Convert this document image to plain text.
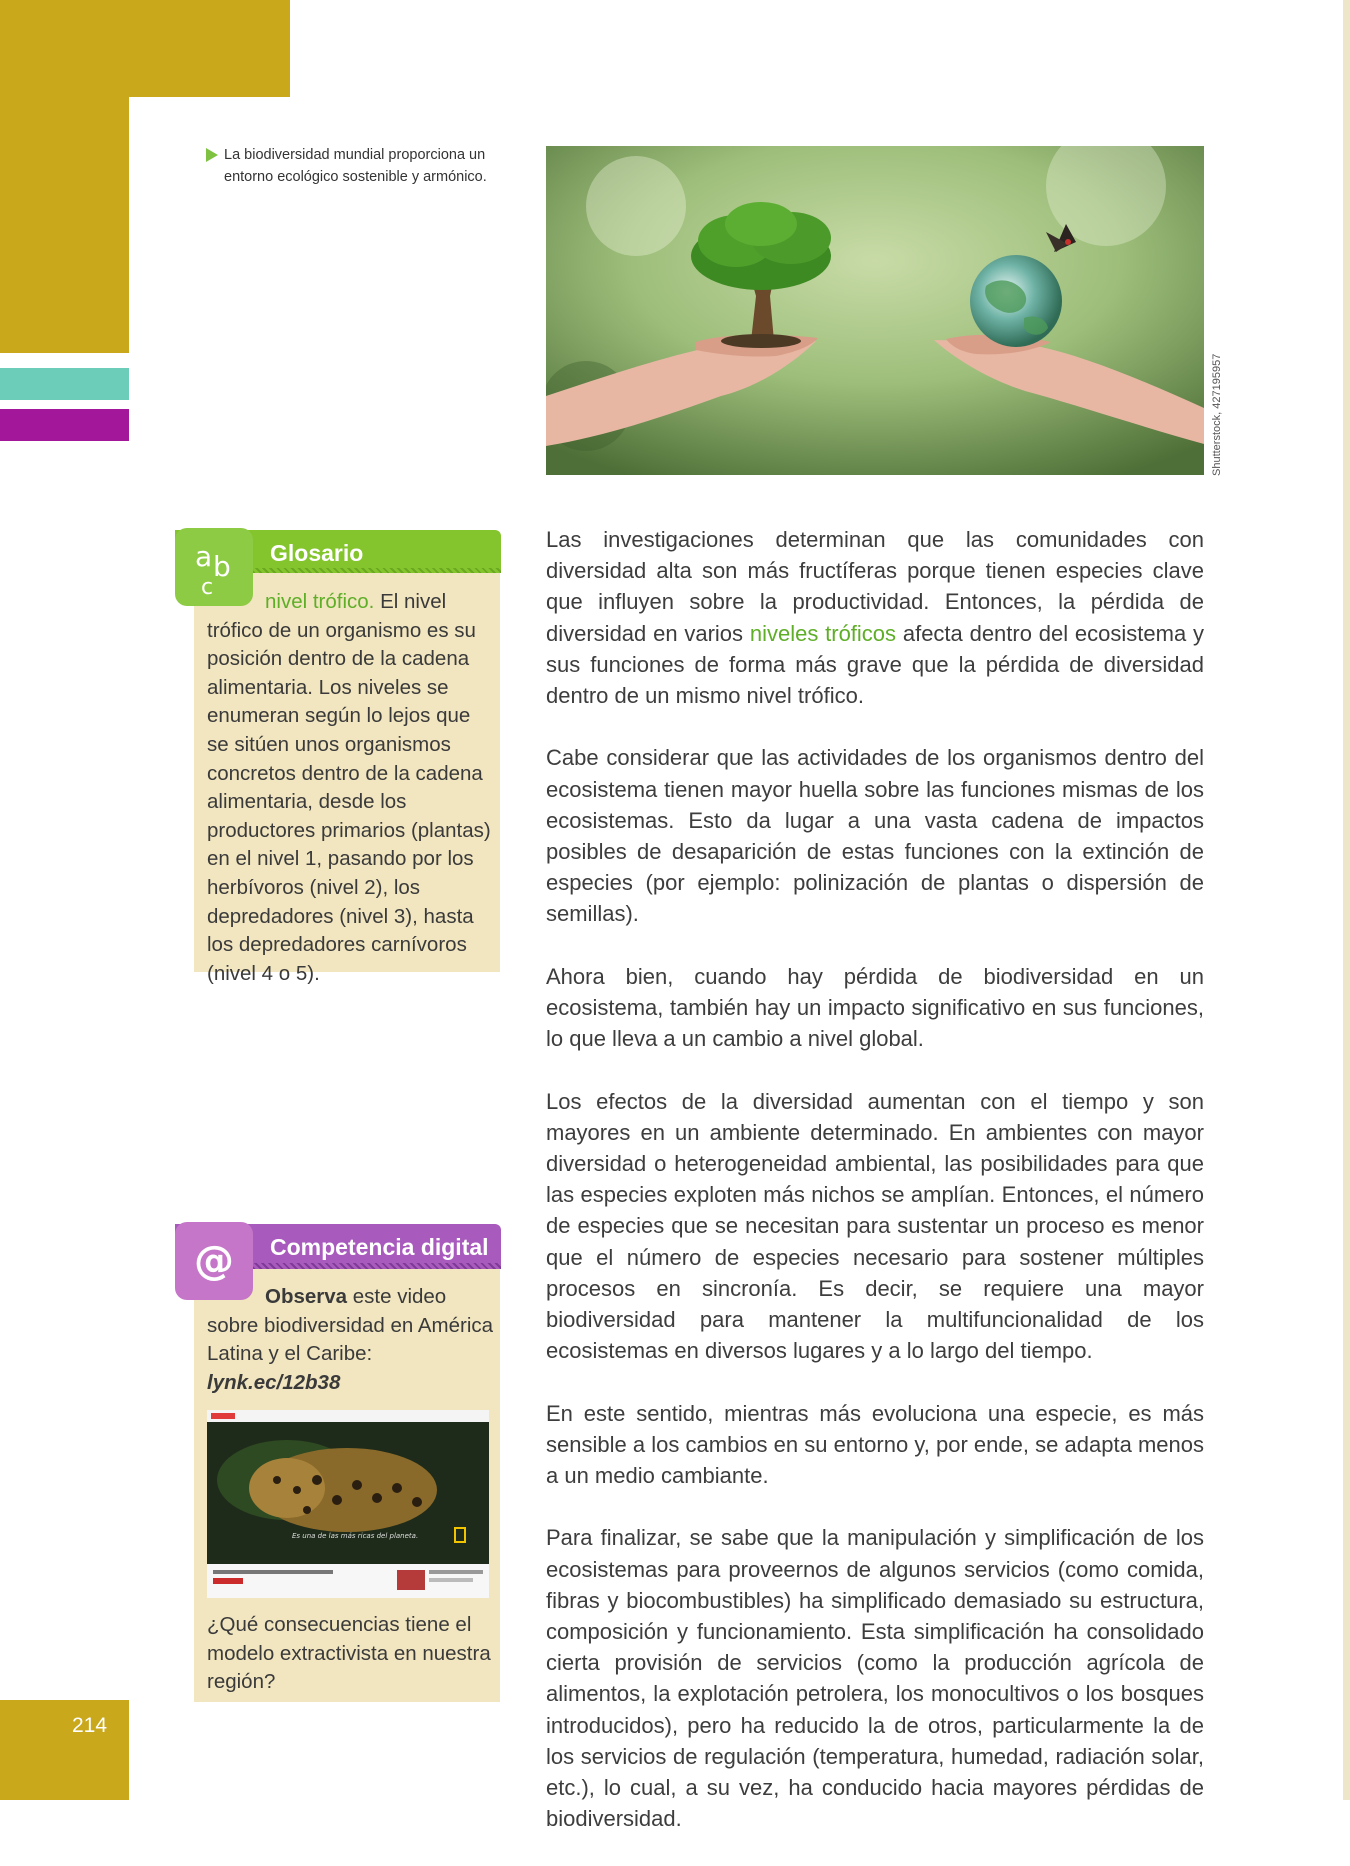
214
La biodiversidad mundial proporciona un entorno ecológico sostenible y armónico.
Shutterstock, 427195957
a b
c
Glosario
nivel trófico. El nivel trófico de un organismo es su posición dentro de la cadena alimentaria. Los niveles se enumeran según lo lejos que se sitúen unos organismos concretos dentro de la cadena alimentaria, desde los productores primarios (plantas) en el nivel 1, pasando por los herbívoros (nivel 2), los depredadores (nivel 3), hasta los depredadores carnívoros (nivel 4 o 5).
@ Competencia digital
Observa este video sobre biodiversidad en América Latina y el Caribe:
lynk.ec/12b38
Es una de las más ricas del planeta.
¿Qué consecuencias tiene el modelo extractivista en nuestra región?

Las investigaciones determinan que las comunidades con diversidad alta son más fructíferas porque tienen especies clave que influyen sobre la productividad. Entonces, la pérdida de diversidad en varios niveles tróficos afecta dentro del ecosistema y sus funciones de forma más grave que la pérdida de diversidad dentro de un mismo nivel trófico.

Cabe considerar que las actividades de los organismos dentro del ecosistema tienen mayor huella sobre las funciones mismas de los ecosistemas. Esto da lugar a una vasta cadena de impactos posibles de desaparición de estas funciones con la extinción de especies (por ejemplo: polinización de plantas o dispersión de semillas).

Ahora bien, cuando hay pérdida de biodiversidad en un ecosistema, también hay un impacto significativo en sus funciones, lo que lleva a un cambio a nivel global.

Los efectos de la diversidad aumentan con el tiempo y son mayores en un ambiente determinado. En ambientes con mayor diversidad o heterogeneidad ambiental, las posibilidades para que las especies exploten más nichos se amplían. Entonces, el número de especies que se necesitan para sustentar un proceso es menor que el número de especies necesario para sostener múltiples procesos en sincronía. Es decir, se requiere una mayor biodiversidad para mantener la multifuncionalidad de los ecosistemas en diversos lugares y a lo largo del tiempo.

En este sentido, mientras más evoluciona una especie, es más sensible a los cambios en su entorno y, por ende, se adapta menos a un medio cambiante.

Para finalizar, se sabe que la manipulación y simplificación de los ecosistemas para proveernos de algunos servicios (como comida, fibras y biocombustibles) ha simplificado demasiado su estructura, composición y funcionamiento. Esta simplificación ha consolidado cierta provisión de servicios (como la producción agrícola de alimentos, la explotación petrolera, los monocultivos o los bosques introducidos), pero ha reducido la de otros, particularmente la de los servicios de regulación (temperatura, humedad, radiación solar, etc.), lo cual, a su vez, ha conducido hacia mayores pérdidas de biodiversidad.
